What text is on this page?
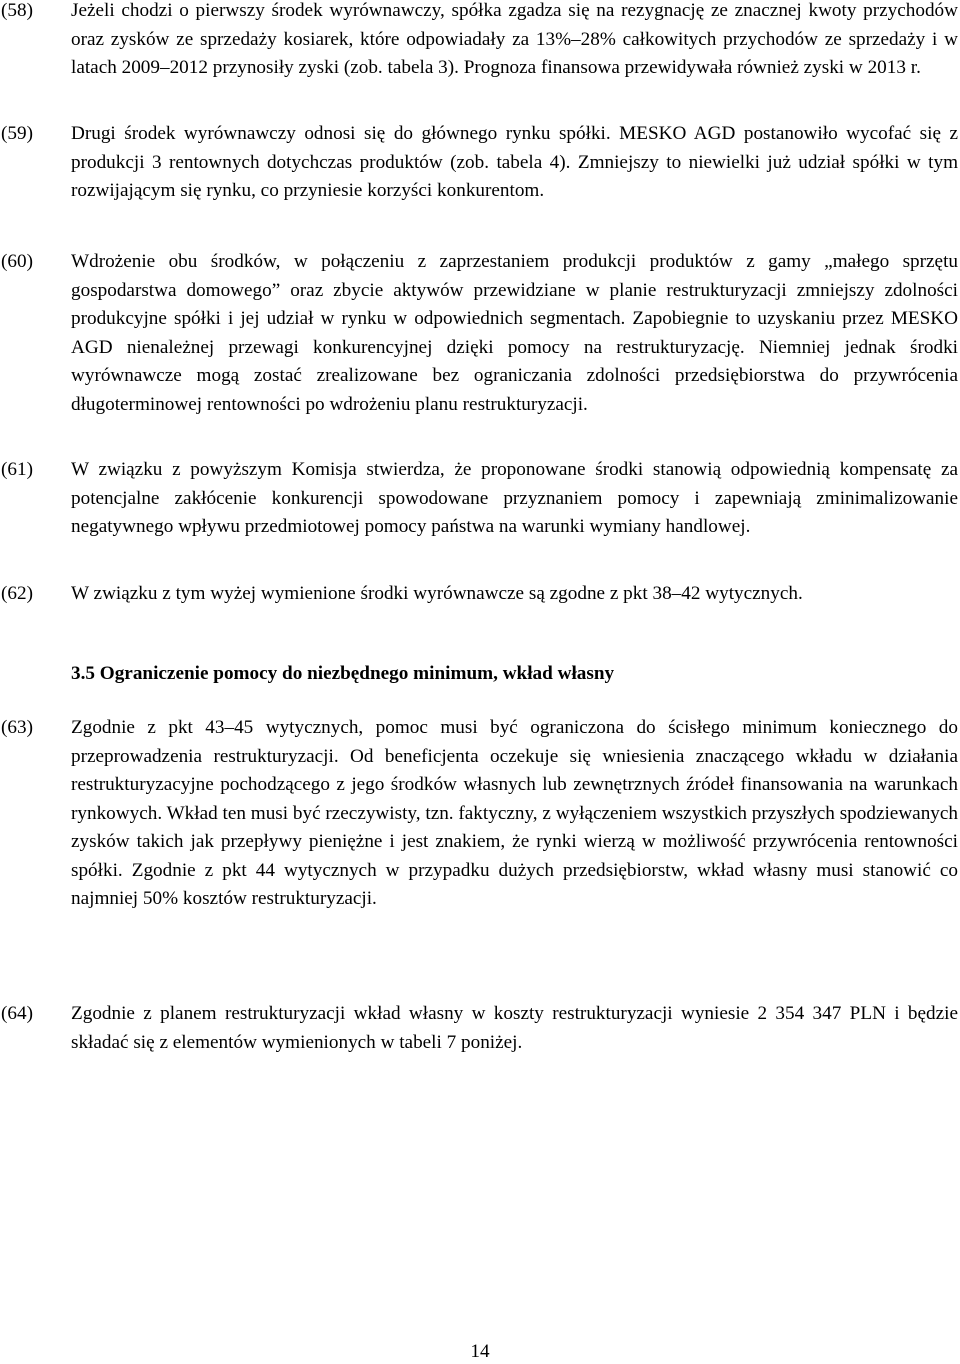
(58)	Jeżeli chodzi o pierwszy środek wyrównawczy, spółka zgadza się na rezygnację ze znacznej kwoty przychodów oraz zysków ze sprzedaży kosiarek, które odpowiadały za 13%–28% całkowitych przychodów ze sprzedaży i w latach 2009–2012 przynosiły zyski (zob. tabela 3). Prognoza finansowa przewidywała również zyski w 2013 r.
(59)	Drugi środek wyrównawczy odnosi się do głównego rynku spółki. MESKO AGD postanowiło wycofać się z produkcji 3 rentownych dotychczas produktów (zob. tabela 4). Zmniejszy to niewielki już udział spółki w tym rozwijającym się rynku, co przyniesie korzyści konkurentom.
(60)	Wdrożenie obu środków, w połączeniu z zaprzestaniem produkcji produktów z gamy „małego sprzętu gospodarstwa domowego” oraz zbycie aktywów przewidziane w planie restrukturyzacji zmniejszy zdolności produkcyjne spółki i jej udział w rynku w odpowiednich segmentach. Zapobiegnie to uzyskaniu przez MESKO AGD nienależnej przewagi konkurencyjnej dzięki pomocy na restrukturyzację. Niemniej jednak środki wyrównawcze mogą zostać zrealizowane bez ograniczania zdolności przedsiębiorstwa do przywrócenia długoterminowej rentowności po wdrożeniu planu restrukturyzacji.
(61)	W związku z powyższym Komisja stwierdza, że proponowane środki stanowią odpowiednią kompensatę za potencjalne zakłócenie konkurencji spowodowane przyznaniem pomocy i zapewniają zminimalizowanie negatywnego wpływu przedmiotowej pomocy państwa na warunki wymiany handlowej.
(62)	W związku z tym wyżej wymienione środki wyrównawcze są zgodne z pkt 38–42 wytycznych.
3.5 Ograniczenie pomocy do niezbędnego minimum, wkład własny
(63)	Zgodnie z pkt 43–45 wytycznych, pomoc musi być ograniczona do ścisłego minimum koniecznego do przeprowadzenia restrukturyzacji. Od beneficjenta oczekuje się wniesienia znaczącego wkładu w działania restrukturyzacyjne pochodzącego z jego środków własnych lub zewnętrznych źródeł finansowania na warunkach rynkowych. Wkład ten musi być rzeczywisty, tzn. faktyczny, z wyłączeniem wszystkich przyszłych spodziewanych zysków takich jak przepływy pieniężne i jest znakiem, że rynki wierzą w możliwość przywrócenia rentowności spółki. Zgodnie z pkt 44 wytycznych w przypadku dużych przedsiębiorstw, wkład własny musi stanowić co najmniej 50% kosztów restrukturyzacji.
(64)	Zgodnie z planem restrukturyzacji wkład własny w koszty restrukturyzacji wyniesie 2 354 347 PLN i będzie składać się z elementów wymienionych w tabeli 7 poniżej.
14
